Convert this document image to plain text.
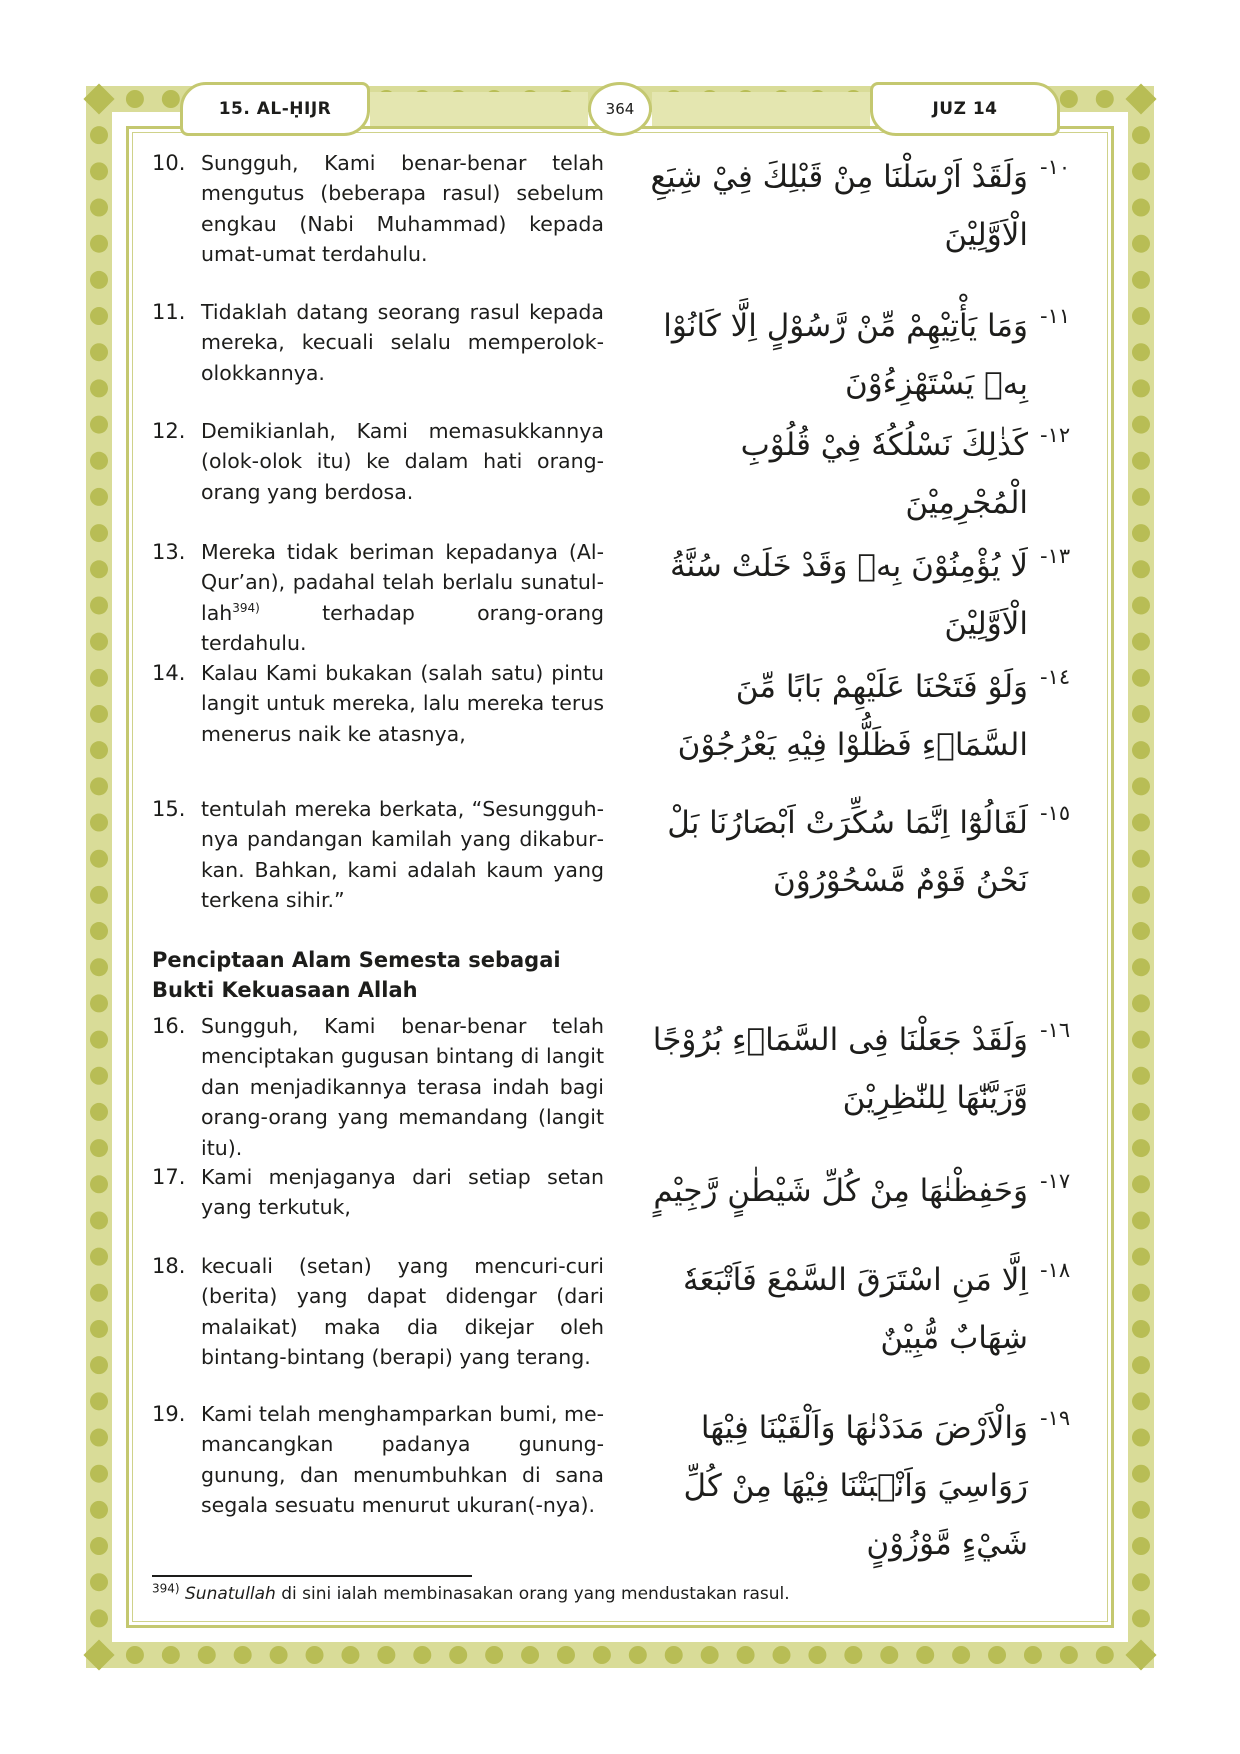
15. AL-ḤIJR	364	JUZ 14
10. Sungguh, Kami benar-benar telah mengutus (beberapa rasul) sebelum engkau (Nabi Muhammad) kepada umat-umat terdahulu.
وَلَقَدْ اَرْسَلْنَا مِنْ قَبْلِكَ فِيْ شِيَعِ الْاَوَّلِيْنَ
-١٠
11. Tidaklah datang seorang rasul kepada mereka, kecuali selalu memperolok-olokkannya.
وَمَا يَأْتِيْهِمْ مِّنْ رَّسُوْلٍ اِلَّا كَانُوْا بِهٖ يَسْتَهْزِءُوْنَ
-١١
12. Demikianlah, Kami memasukkannya (olok-olok itu) ke dalam hati orang-orang yang berdosa.
كَذٰلِكَ نَسْلُكُهٗ فِيْ قُلُوْبِ الْمُجْرِمِيْنَ
-١٢
13. Mereka tidak beriman kepadanya (Al-Qur’an), padahal telah berlalu sunatullah$^{394)}$ terhadap orang-orang terdahulu.
لَا يُؤْمِنُوْنَ بِهٖ وَقَدْ خَلَتْ سُنَّةُ الْاَوَّلِيْنَ
-١٣
14. Kalau Kami bukakan (salah satu) pintu langit untuk mereka, lalu mereka terus menerus naik ke atasnya,
وَلَوْ فَتَحْنَا عَلَيْهِمْ بَابًا مِّنَ السَّمَاۤءِ فَظَلُّوْا فِيْهِ يَعْرُجُوْنَ
-١٤
15. tentulah mereka berkata, “Sesungguhnya pandangan kamilah yang dikaburkan. Bahkan, kami adalah kaum yang terkena sihir.”
لَقَالُوْٓا اِنَّمَا سُكِّرَتْ اَبْصَارُنَا بَلْ نَحْنُ قَوْمٌ مَّسْحُوْرُوْنَ
-١٥
Penciptaan Alam Semesta sebagai Bukti Kekuasaan Allah
16. Sungguh, Kami benar-benar telah menciptakan gugusan bintang di langit dan menjadikannya terasa indah bagi orang-orang yang memandang (langit itu).
وَلَقَدْ جَعَلْنَا فِى السَّمَاۤءِ بُرُوْجًا وَّزَيَّنّٰهَا لِلنّٰظِرِيْنَ
-١٦
17. Kami menjaganya dari setiap setan yang terkutuk,	وَحَفِظْنٰهَا مِنْ كُلِّ شَيْطٰنٍ رَّجِيْمٍ -١٧
18. kecuali (setan) yang mencuri-curi (berita) yang dapat didengar (dari malaikat) maka dia dikejar oleh bintang-bintang (berapi) yang terang.
اِلَّا مَنِ اسْتَرَقَ السَّمْعَ فَاَتْبَعَهٗ شِهَابٌ مُّبِيْنٌ
-١٨
19. Kami telah menghamparkan bumi, memancangkan padanya gunung-gunung, dan menumbuhkan di sana segala sesuatu menurut ukuran(-nya).
وَالْاَرْضَ مَدَدْنٰهَا وَاَلْقَيْنَا فِيْهَا رَوَاسِيَ وَاَنْۢبَتْنَا فِيْهَا مِنْ كُلِّ شَيْءٍ مَّوْزُوْنٍ
-١٩
$^{394)}$ Sunatullah di sini ialah membinasakan orang yang mendustakan rasul.
